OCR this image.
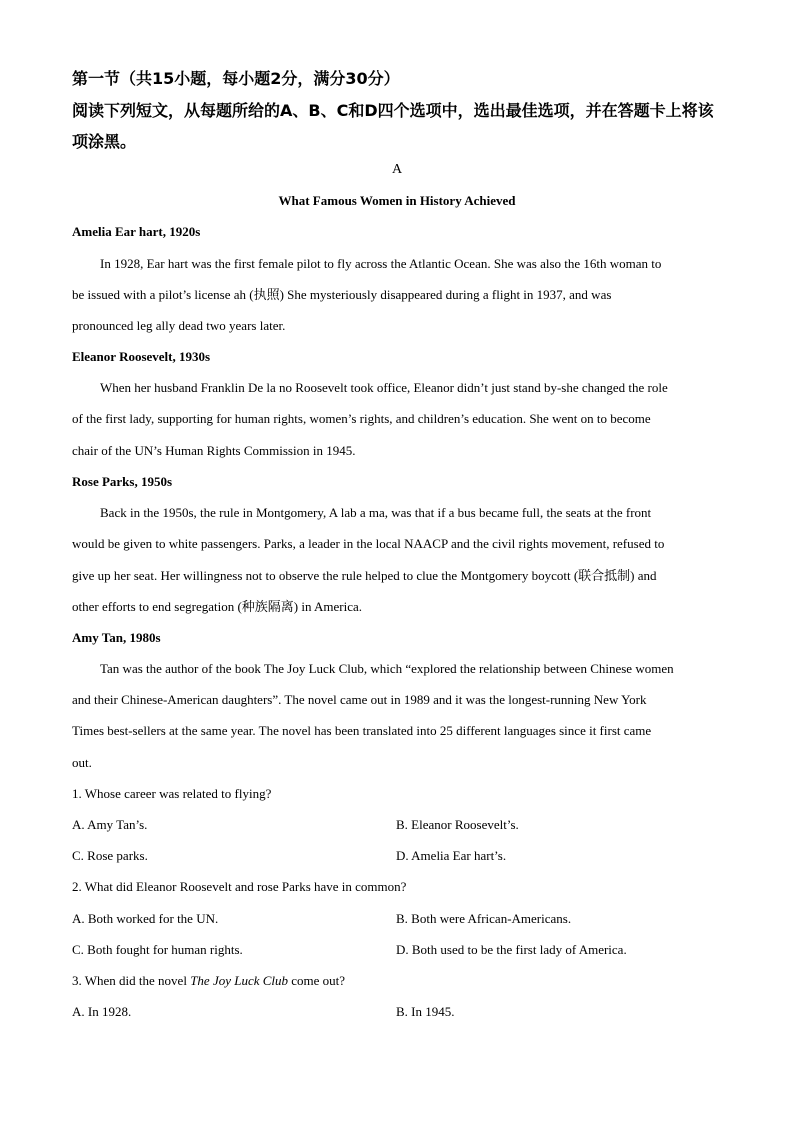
第一节（共15小题，每小题2分，满分30分）
阅读下列短文，从每题所给的A、B、C和D四个选项中，选出最佳选项，并在答题卡上将该
项涂黑。
A
What Famous Women in History Achieved
Amelia Ear hart, 1920s
In 1928, Ear hart was the first female pilot to fly across the Atlantic Ocean. She was also the 16th woman to
be issued with a pilot’s license ah (执照) She mysteriously disappeared during a flight in 1937, and was
pronounced leg ally dead two years later.
Eleanor Roosevelt, 1930s
When her husband Franklin De la no Roosevelt took office, Eleanor didn’t just stand by-she changed the role
of the first lady, supporting for human rights, women’s rights, and children’s education. She went on to become
chair of the UN’s Human Rights Commission in 1945.
Rose Parks, 1950s
Back in the 1950s, the rule in Montgomery, A lab a ma, was that if a bus became full, the seats at the front
would be given to white passengers. Parks, a leader in the local NAACP and the civil rights movement, refused to
give up her seat. Her willingness not to observe the rule helped to clue the Montgomery boycott (联合抵制) and
other efforts to end segregation (种族隔离) in America.
Amy Tan, 1980s
Tan was the author of the book The Joy Luck Club, which “explored the relationship between Chinese women
and their Chinese-American daughters”. The novel came out in 1989 and it was the longest-running New York
Times best-sellers at the same year. The novel has been translated into 25 different languages since it first came
out.
1. Whose career was related to flying?
A. Amy Tan’s.	B. Eleanor Roosevelt’s.
C. Rose parks.	D. Amelia Ear hart’s.
2. What did Eleanor Roosevelt and rose Parks have in common?
A. Both worked for the UN.	B. Both were African-Americans.
C. Both fought for human rights.	D. Both used to be the first lady of America.
3. When did the novel The Joy Luck Club come out?
A. In 1928.	B. In 1945.
